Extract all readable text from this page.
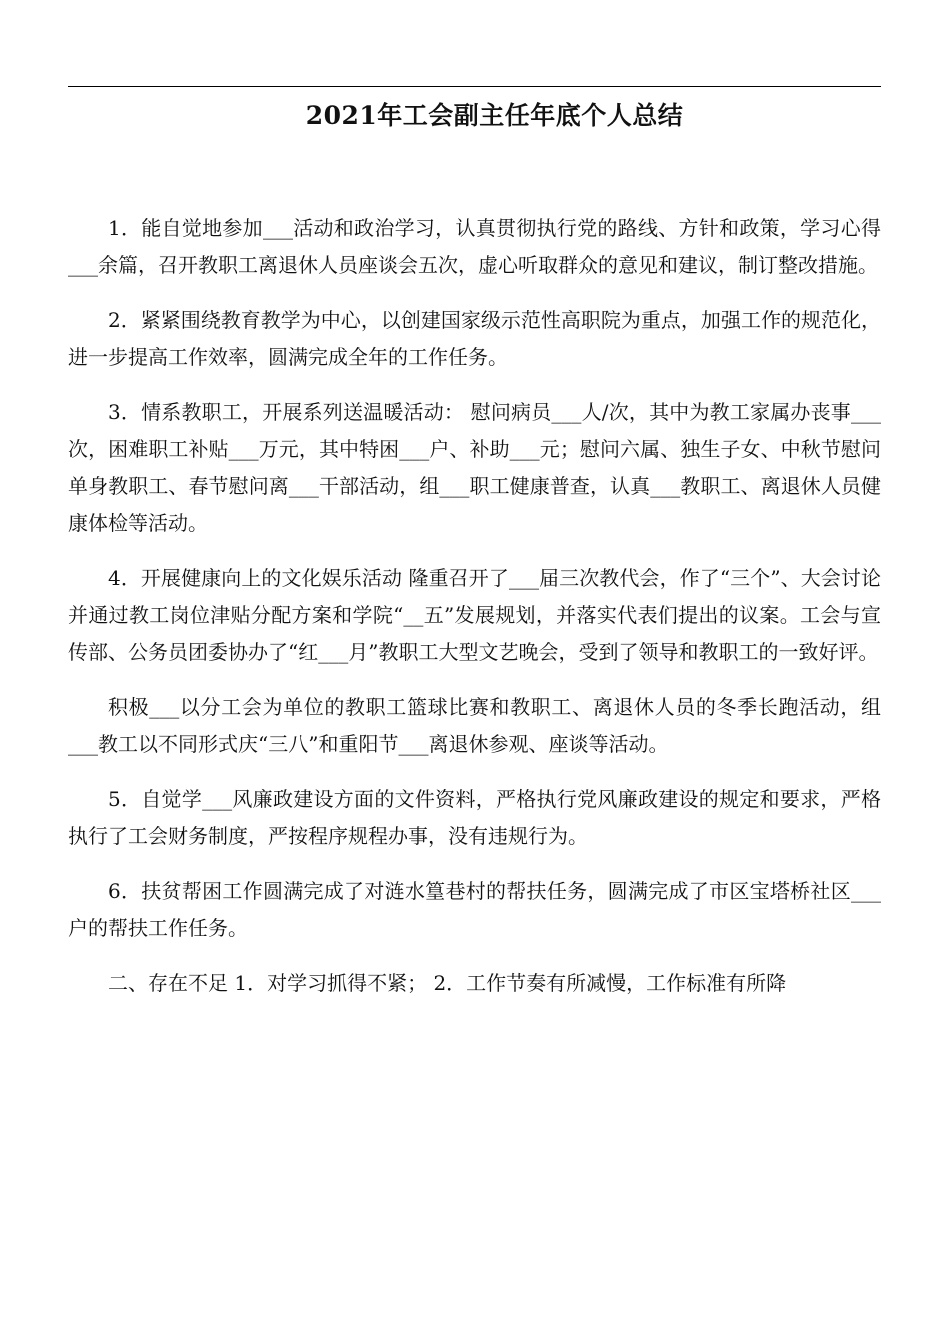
2021年工会副主任年底个人总结

1．能自觉地参加___活动和政治学习，认真贯彻执行党的路线、方针和政策，学习心得___余篇，召开教职工离退休人员座谈会五次，虚心听取群众的意见和建议，制订整改措施。

2．紧紧围绕教育教学为中心，以创建国家级示范性高职院为重点，加强工作的规范化，进一步提高工作效率，圆满完成全年的工作任务。

3．情系教职工，开展系列送温暖活动： 慰问病员___人/次，其中为教工家属办丧事___次，困难职工补贴___万元，其中特困___户、补助___元；慰问六属、独生子女、中秋节慰问单身教职工、春节慰问离___干部活动，组___职工健康普查，认真___教职工、离退休人员健康体检等活动。

4．开展健康向上的文化娱乐活动 隆重召开了___届三次教代会，作了“三个”、大会讨论并通过教工岗位津贴分配方案和学院“__五”发展规划，并落实代表们提出的议案。工会与宣传部、公务员团委协办了“红___月”教职工大型文艺晚会，受到了领导和教职工的一致好评。

积极___以分工会为单位的教职工篮球比赛和教职工、离退休人员的冬季长跑活动，组___教工以不同形式庆“三八”和重阳节___离退休参观、座谈等活动。

5．自觉学___风廉政建设方面的文件资料，严格执行党风廉政建设的规定和要求，严格执行了工会财务制度，严按程序规程办事，没有违规行为。

6．扶贫帮困工作圆满完成了对涟水篁巷村的帮扶任务，圆满完成了市区宝塔桥社区___户的帮扶工作任务。

二、存在不足 1．对学习抓得不紧； 2．工作节奏有所减慢，工作标准有所降
